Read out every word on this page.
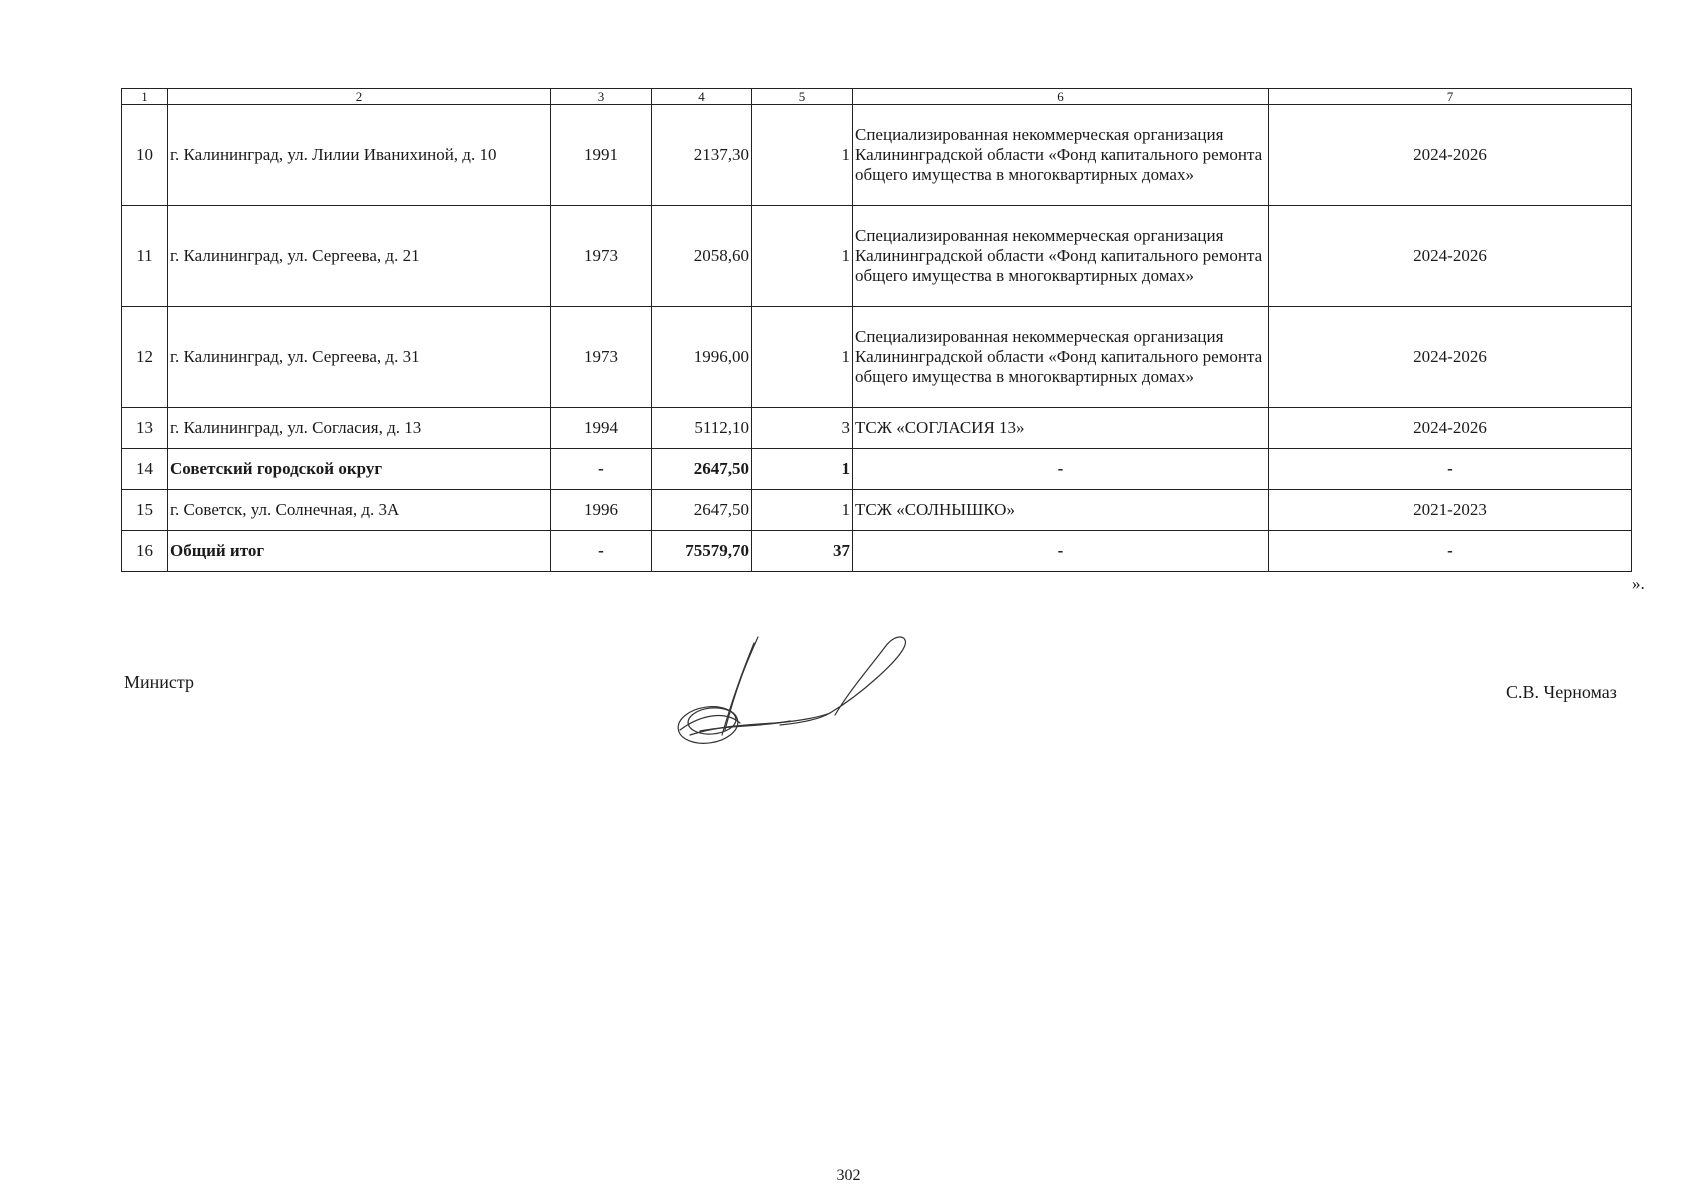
1	2	3	4	5	6	7
10	г. Калининград, ул. Лилии Иванихиной, д. 10	1991	2137,30	1	Специализированная некоммерческая организация Калининградской области «Фонд капитального ремонта общего имущества в многоквартирных домах»	2024-2026
11	г. Калининград, ул. Сергеева, д. 21	1973	2058,60	1	Специализированная некоммерческая организация Калининградской области «Фонд капитального ремонта общего имущества в многоквартирных домах»	2024-2026
12	г. Калининград, ул. Сергеева, д. 31	1973	1996,00	1	Специализированная некоммерческая организация Калининградской области «Фонд капитального ремонта общего имущества в многоквартирных домах»	2024-2026
13	г. Калининград, ул. Согласия, д. 13	1994	5112,10	3	ТСЖ «СОГЛАСИЯ 13»	2024-2026
14	Советский городской округ	-	2647,50	1	-	-
15	г. Советск, ул. Солнечная, д. 3А	1996	2647,50	1	ТСЖ «СОЛНЫШКО»	2021-2023
16	Общий итог	-	75579,70	37	-	-
».
Министр	С.В. Черномаз
302
